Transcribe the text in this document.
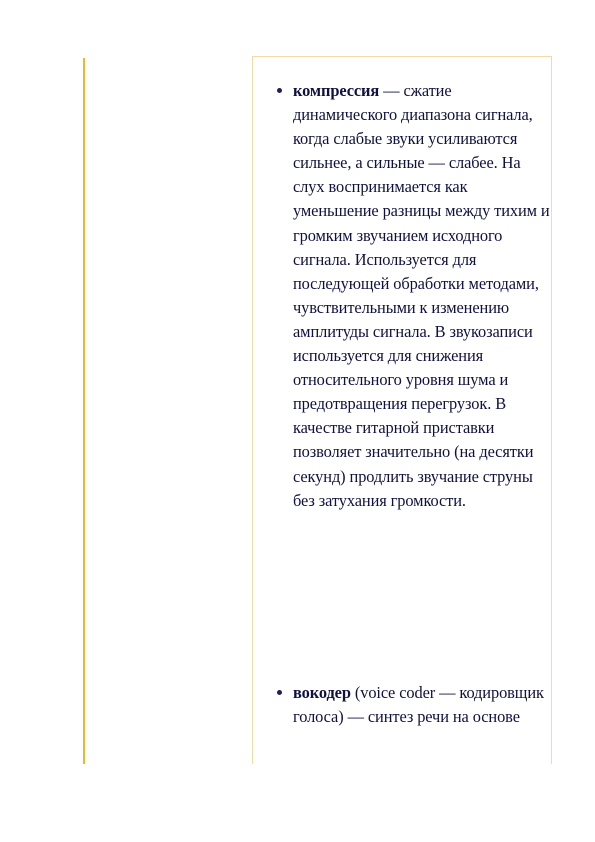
компрессия — сжатие динамического диапазона сигнала, когда слабые звуки усиливаются сильнее, а сильные — слабее. На слух воспринимается как уменьшение разницы между тихим и громким звучанием исходного сигнала. Используется для последующей обработки методами, чувствительными к изменению амплитуды сигнала. В звукозаписи используется для снижения относительного уровня шума и предотвращения перегрузок. В качестве гитарной приставки позволяет значительно (на десятки секунд) продлить звучание струны без затухания громкости.
вокодер (voice coder — кодировщик голоса) — синтез речи на основе
